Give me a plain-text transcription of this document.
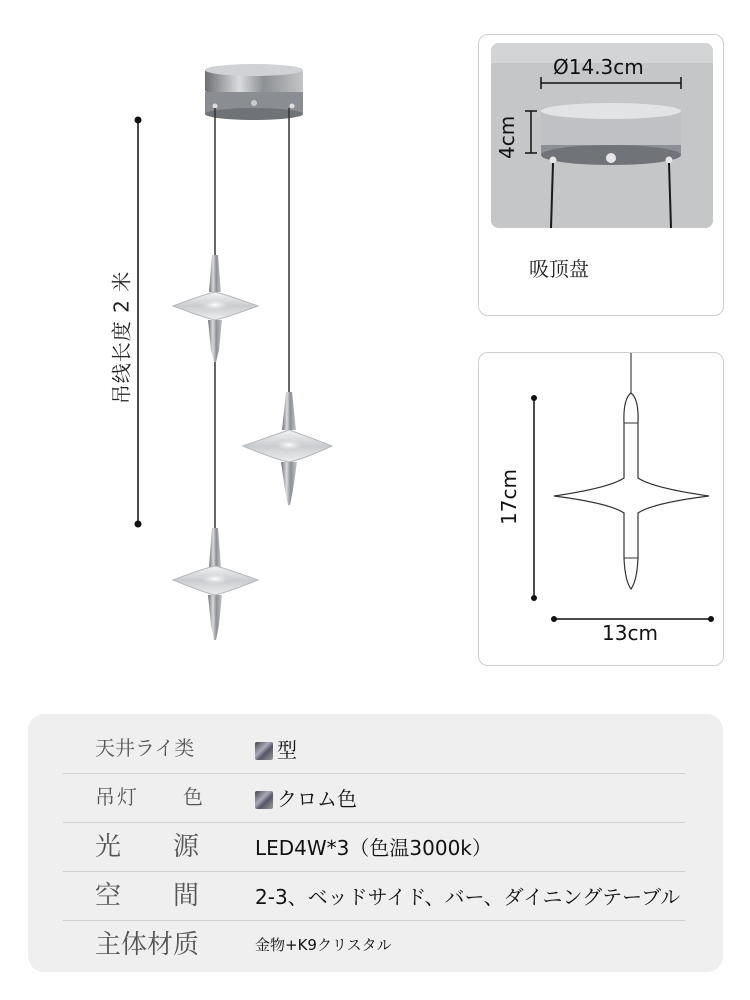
吊线长度 2 米
Ø14.3cm
4cm
吸顶盘
17cm
13cm
天井ライ类	型
吊灯　　色	クロム色
光　　源	LED4W*3（色温3000k）
空　　間	2-3、ベッドサイド、バー、ダイニングテーブル
主体材质	金物+K9クリスタル
